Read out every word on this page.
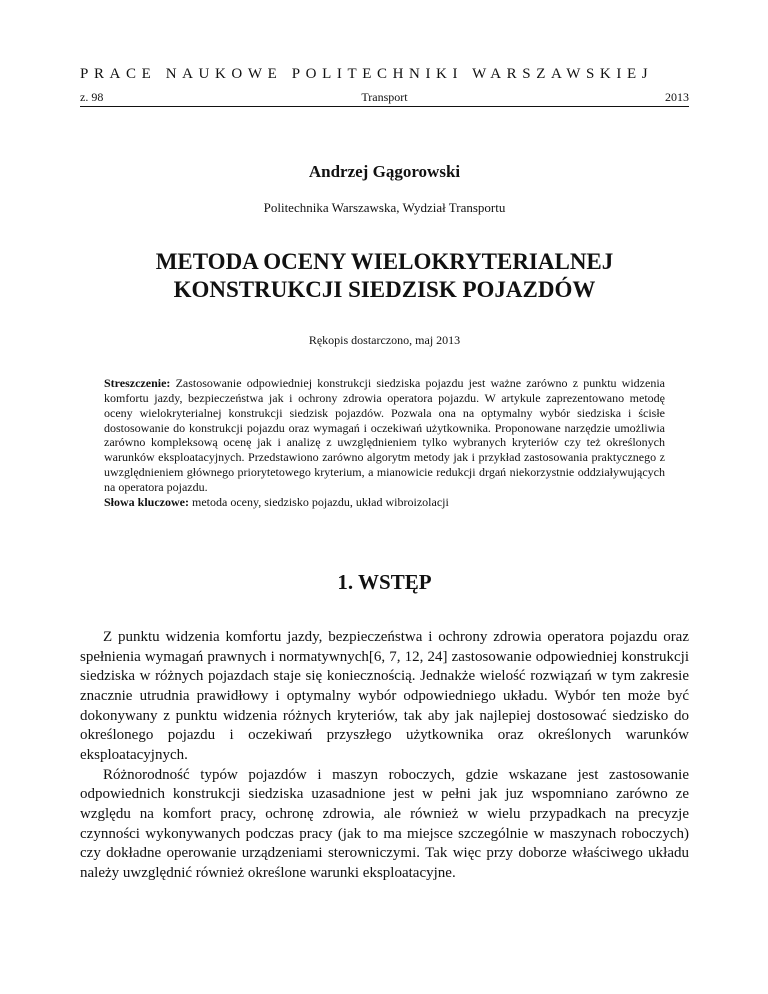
PRACE NAUKOWE POLITECHNIKI WARSZAWSKIEJ
Transport
z. 98	2013
Andrzej Gągorowski
Politechnika Warszawska, Wydział Transportu
METODA OCENY WIELOKRYTERIALNEJ
KONSTRUKCJI SIEDZISK POJAZDÓW
Rękopis dostarczono, maj 2013
Streszczenie: Zastosowanie odpowiedniej konstrukcji siedziska pojazdu jest ważne zarówno z punktu widzenia komfortu jazdy, bezpieczeństwa jak i ochrony zdrowia operatora pojazdu. W artykule zaprezentowano metodę oceny wielokryterialnej konstrukcji siedzisk pojazdów. Pozwala ona na optymalny wybór siedziska i ścisłe dostosowanie do konstrukcji pojazdu oraz wymagań i oczekiwań użytkownika. Proponowane narzędzie umożliwia zarówno kompleksową ocenę jak i analizę z uwzględnieniem tylko wybranych kryteriów czy też określonych warunków eksploatacyjnych. Przedstawiono zarówno algorytm metody jak i przykład zastosowania praktycznego z uwzględnieniem głównego priorytetowego kryterium, a mianowicie redukcji drgań niekorzystnie oddziaływujących na operatora pojazdu.
Słowa kluczowe: metoda oceny, siedzisko pojazdu, układ wibroizolacji
1. WSTĘP

Z punktu widzenia komfortu jazdy, bezpieczeństwa i ochrony zdrowia operatora pojazdu oraz spełnienia wymagań prawnych i normatywnych[6, 7, 12, 24] zastosowanie odpowiedniej konstrukcji siedziska w różnych pojazdach staje się koniecznością. Jednakże wielość rozwiązań w tym zakresie znacznie utrudnia prawidłowy i optymalny wybór odpowiedniego układu. Wybór ten może być dokonywany z punktu widzenia różnych kryteriów, tak aby jak najlepiej dostosować siedzisko do określonego pojazdu i oczekiwań przyszłego użytkownika oraz określonych warunków eksploatacyjnych.

Różnorodność typów pojazdów i maszyn roboczych, gdzie wskazane jest zastosowanie odpowiednich konstrukcji siedziska uzasadnione jest w pełni jak juz wspomniano zarówno ze względu na komfort pracy, ochronę zdrowia, ale również w wielu przypadkach na precyzje czynności wykonywanych podczas pracy (jak to ma miejsce szczególnie w maszynach roboczych) czy dokładne operowanie urządzeniami sterowniczymi. Tak więc przy doborze właściwego układu należy uwzględnić również określone warunki eksploatacyjne.
